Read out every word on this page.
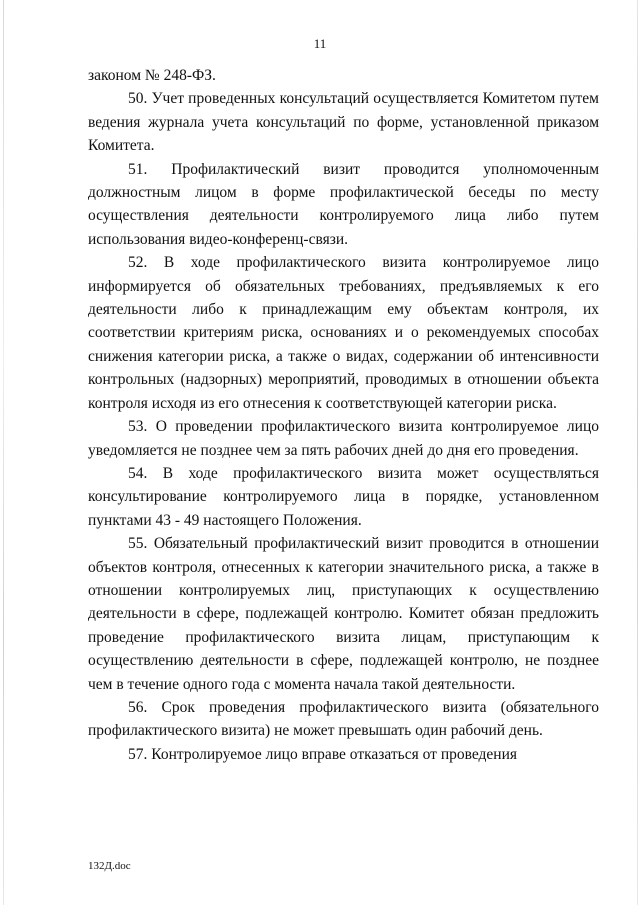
11

законом № 248-ФЗ.

50. Учет проведенных консультаций осуществляется Комитетом путем ведения журнала учета консультаций по форме, установленной приказом Комитета.

51. Профилактический визит проводится уполномоченным должностным лицом в форме профилактической беседы по месту осуществления деятельности контролируемого лица либо путем использования видео-конференц-связи.

52. В ходе профилактического визита контролируемое лицо информируется об обязательных требованиях, предъявляемых к его деятельности либо к принадлежащим ему объектам контроля, их соответствии критериям риска, основаниях и о рекомендуемых способах снижения категории риска, а также о видах, содержании об интенсивности контрольных (надзорных) мероприятий, проводимых в отношении объекта контроля исходя из его отнесения к соответствующей категории риска.

53. О проведении профилактического визита контролируемое лицо уведомляется не позднее чем за пять рабочих дней до дня его проведения.

54. В ходе профилактического визита может осуществляться консультирование контролируемого лица в порядке, установленном пунктами 43 - 49 настоящего Положения.

55. Обязательный профилактический визит проводится в отношении объектов контроля, отнесенных к категории значительного риска, а также в отношении контролируемых лиц, приступающих к осуществлению деятельности в сфере, подлежащей контролю. Комитет обязан предложить проведение профилактического визита лицам, приступающим к осуществлению деятельности в сфере, подлежащей контролю, не позднее чем в течение одного года с момента начала такой деятельности.

56. Срок проведения профилактического визита (обязательного профилактического визита) не может превышать один рабочий день.

57. Контролируемое лицо вправе отказаться от проведения

132Д.doc
